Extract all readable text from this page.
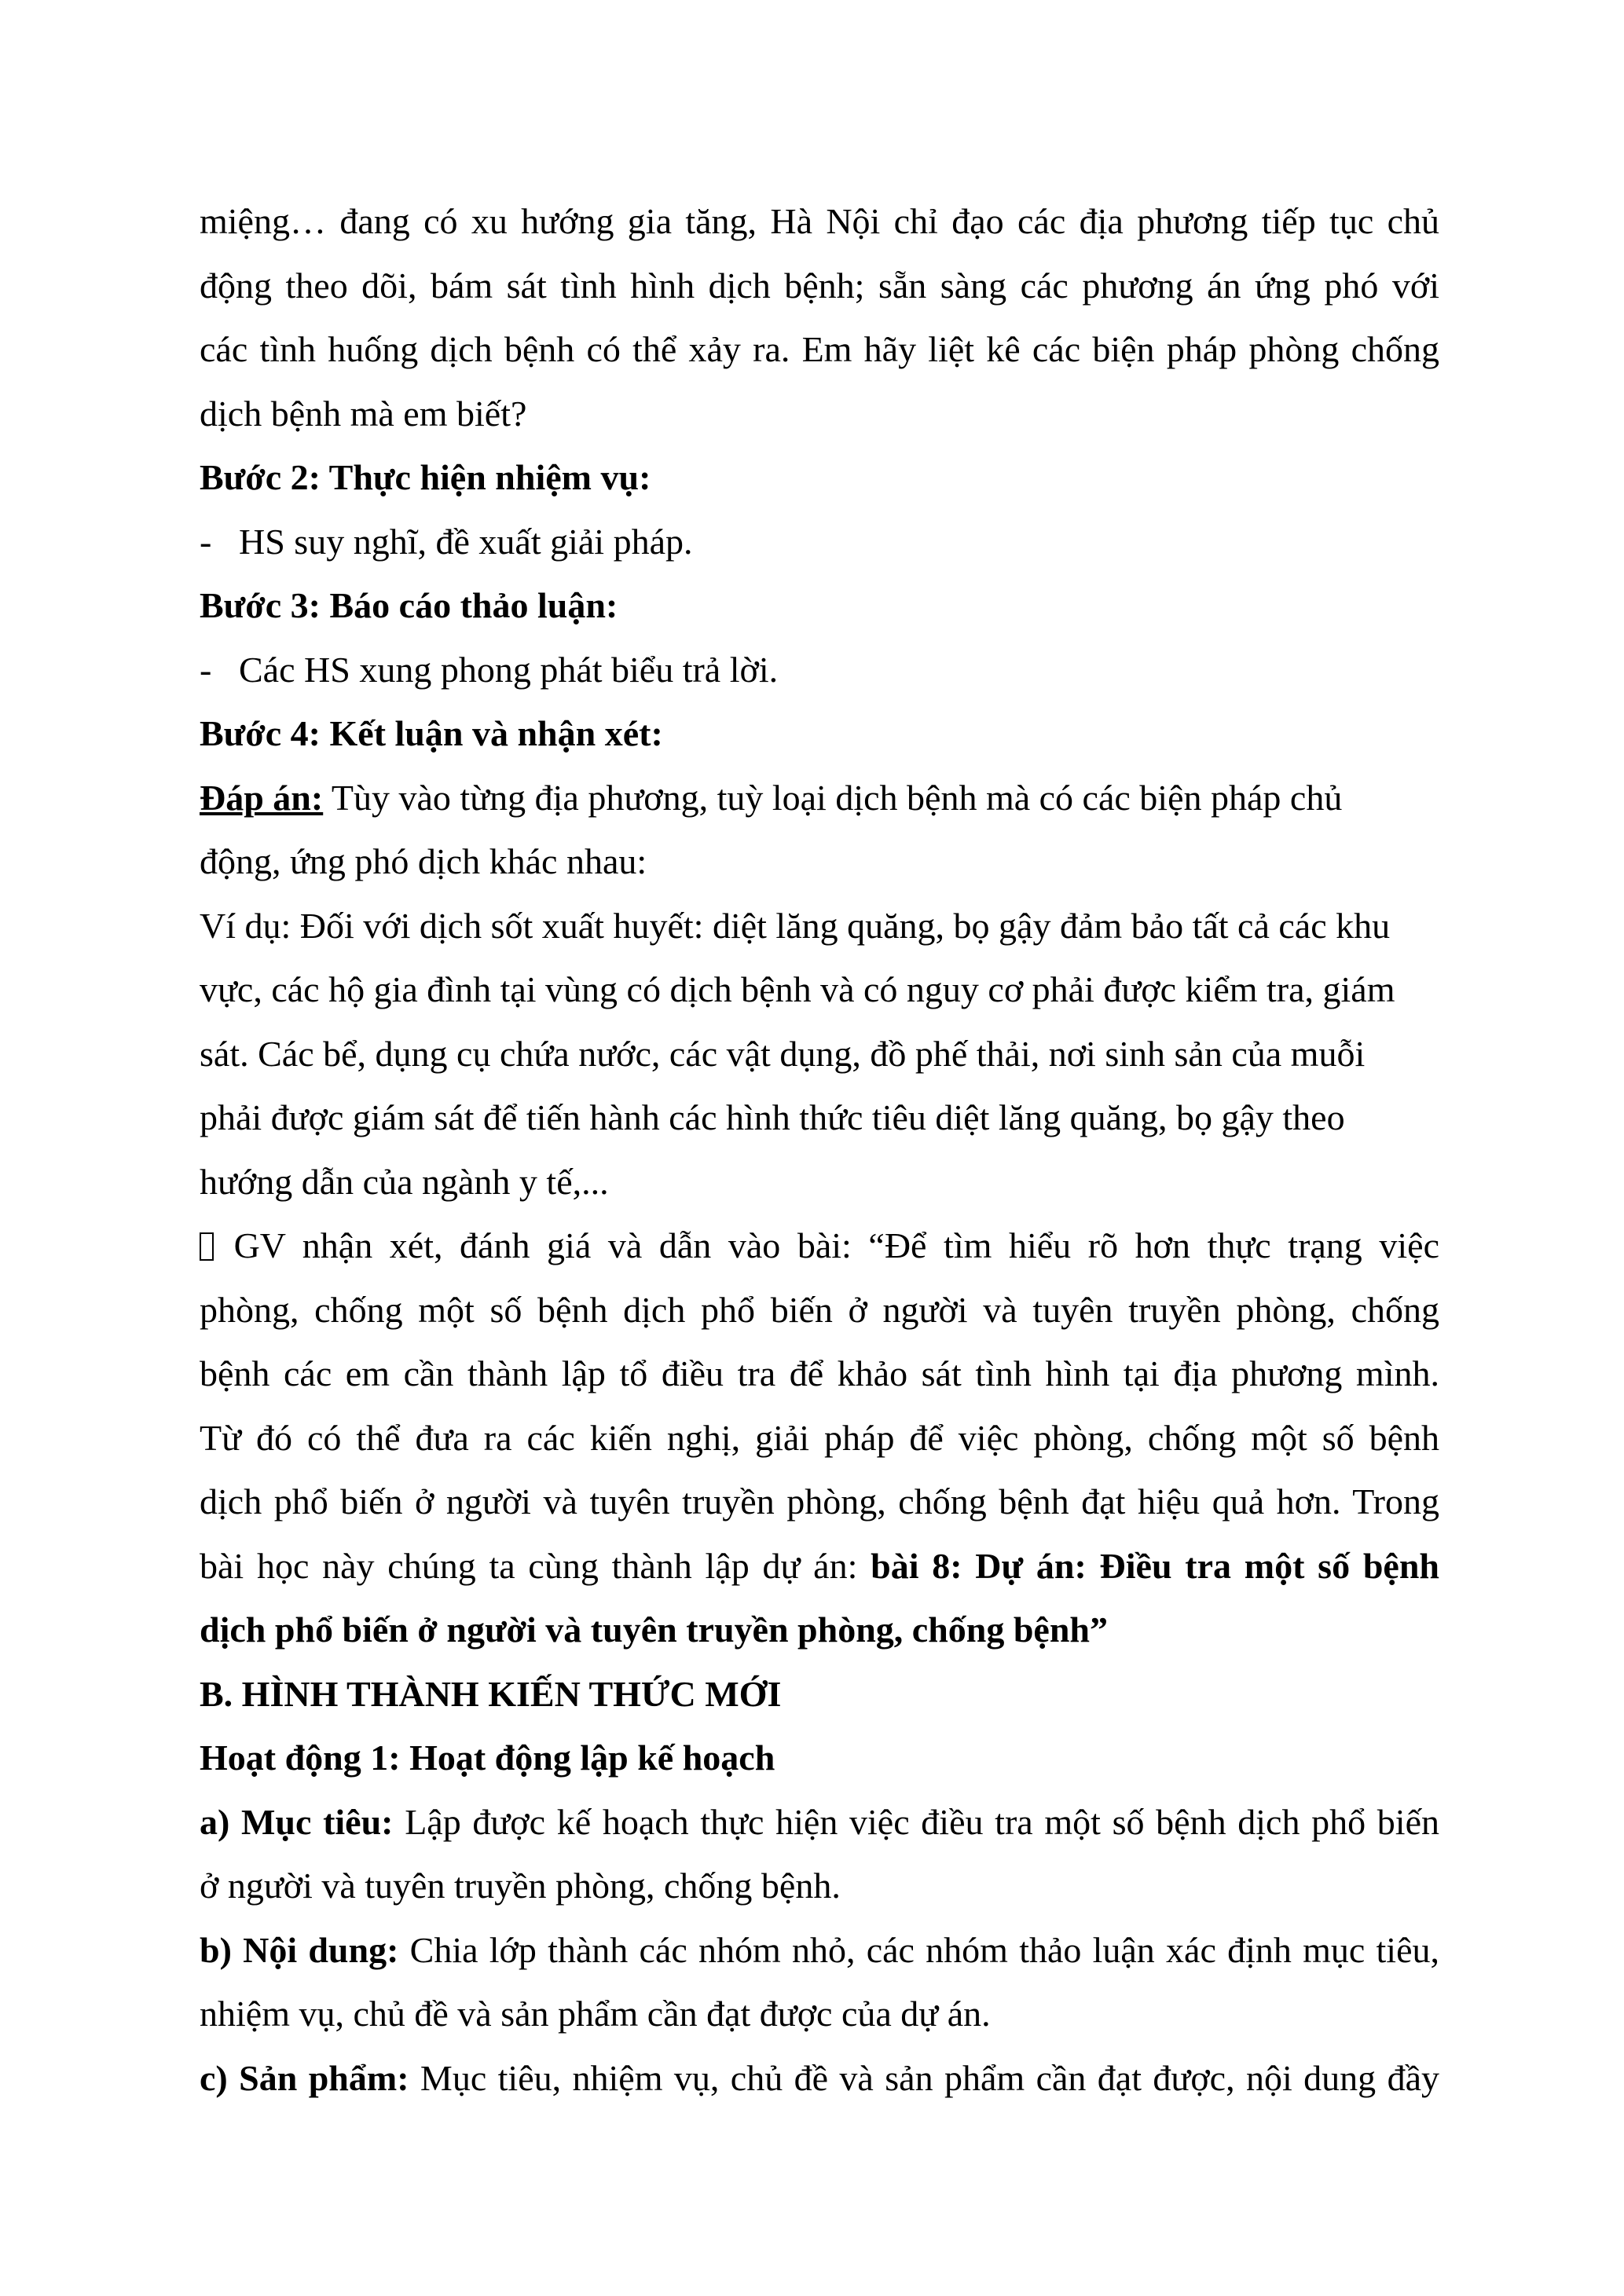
miệng… đang có xu hướng gia tăng, Hà Nội chỉ đạo các địa phương tiếp tục chủ
động theo dõi, bám sát tình hình dịch bệnh; sẵn sàng các phương án ứng phó với
các tình huống dịch bệnh có thể xảy ra. Em hãy liệt kê các biện pháp phòng chống
dịch bệnh mà em biết?
Bước 2: Thực hiện nhiệm vụ:
- HS suy nghĩ, đề xuất giải pháp.
Bước 3: Báo cáo thảo luận:
- Các HS xung phong phát biểu trả lời.
Bước 4: Kết luận và nhận xét:
Đáp án: Tùy vào từng địa phương, tuỳ loại dịch bệnh mà có các biện pháp chủ
động, ứng phó dịch khác nhau:
Ví dụ: Đối với dịch sốt xuất huyết: diệt lăng quăng, bọ gậy đảm bảo tất cả các khu
vực, các hộ gia đình tại vùng có dịch bệnh và có nguy cơ phải được kiểm tra, giám
sát. Các bể, dụng cụ chứa nước, các vật dụng, đồ phế thải, nơi sinh sản của muỗi
phải được giám sát để tiến hành các hình thức tiêu diệt lăng quăng, bọ gậy theo
hướng dẫn của ngành y tế,...
GV nhận xét, đánh giá và dẫn vào bài: “Để tìm hiểu rõ hơn thực trạng việc
phòng, chống một số bệnh dịch phổ biến ở người và tuyên truyền phòng, chống
bệnh các em cần thành lập tổ điều tra để khảo sát tình hình tại địa phương mình.
Từ đó có thể đưa ra các kiến nghị, giải pháp để việc phòng, chống một số bệnh
dịch phổ biến ở người và tuyên truyền phòng, chống bệnh đạt hiệu quả hơn. Trong
bài học này chúng ta cùng thành lập dự án: bài 8: Dự án: Điều tra một số bệnh
dịch phổ biến ở người và tuyên truyền phòng, chống bệnh”
B. HÌNH THÀNH KIẾN THỨC MỚI
Hoạt động 1: Hoạt động lập kế hoạch
a) Mục tiêu: Lập được kế hoạch thực hiện việc điều tra một số bệnh dịch phổ biến
ở người và tuyên truyền phòng, chống bệnh.
b) Nội dung: Chia lớp thành các nhóm nhỏ, các nhóm thảo luận xác định mục tiêu,
nhiệm vụ, chủ đề và sản phẩm cần đạt được của dự án.
c) Sản phẩm: Mục tiêu, nhiệm vụ, chủ đề và sản phẩm cần đạt được, nội dung đầy
